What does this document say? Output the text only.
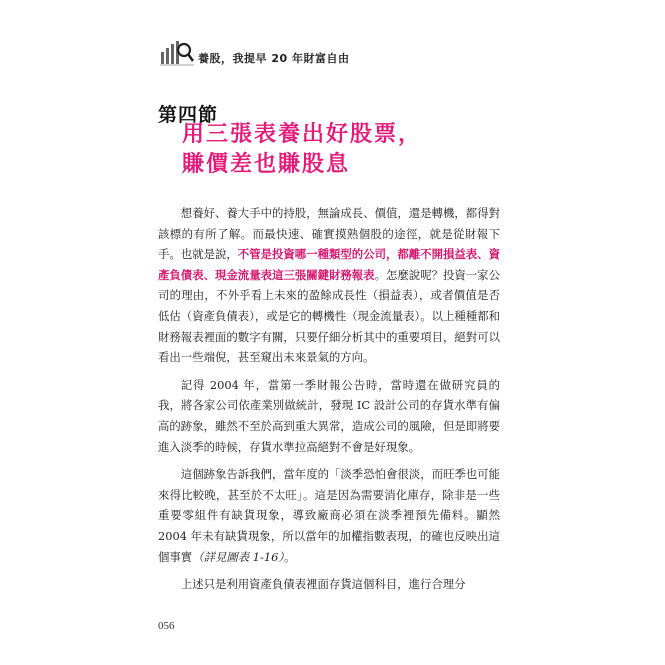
養股，我提早 20 年財富自由
第四節
用三張表養出好股票，
賺價差也賺股息

想養好、養大手中的持股，無論成長、價值，還是轉機，都得對該標的有所了解。而最快速、確實摸熟個股的途徑，就是從財報下手。也就是說，不管是投資哪一種類型的公司，都離不開損益表、資產負債表、現金流量表這三張關鍵財務報表。怎麼說呢？投資一家公司的理由，不外乎看上未來的盈餘成長性（損益表），或者價值是否低估（資產負債表），或是它的轉機性（現金流量表）。以上種種都和財務報表裡面的數字有關，只要仔細分析其中的重要項目，絕對可以看出一些端倪，甚至窺出未來景氣的方向。

記得 2004 年，當第一季財報公告時，當時還在做研究員的我，將各家公司依產業別做統計，發現 IC 設計公司的存貨水準有偏高的跡象，雖然不至於高到重大異常，造成公司的風險，但是即將要進入淡季的時候，存貨水準拉高絕對不會是好現象。

這個跡象告訴我們，當年度的「淡季恐怕會很淡，而旺季也可能來得比較晚，甚至於不太旺」。這是因為需要消化庫存，除非是一些重要零組件有缺貨現象，導致廠商必須在淡季裡預先備料。顯然 2004 年未有缺貨現象，所以當年的加權指數表現，的確也反映出這個事實（詳見圖表 1-16）。

上述只是利用資產負債表裡面存貨這個科目，進行合理分

056
